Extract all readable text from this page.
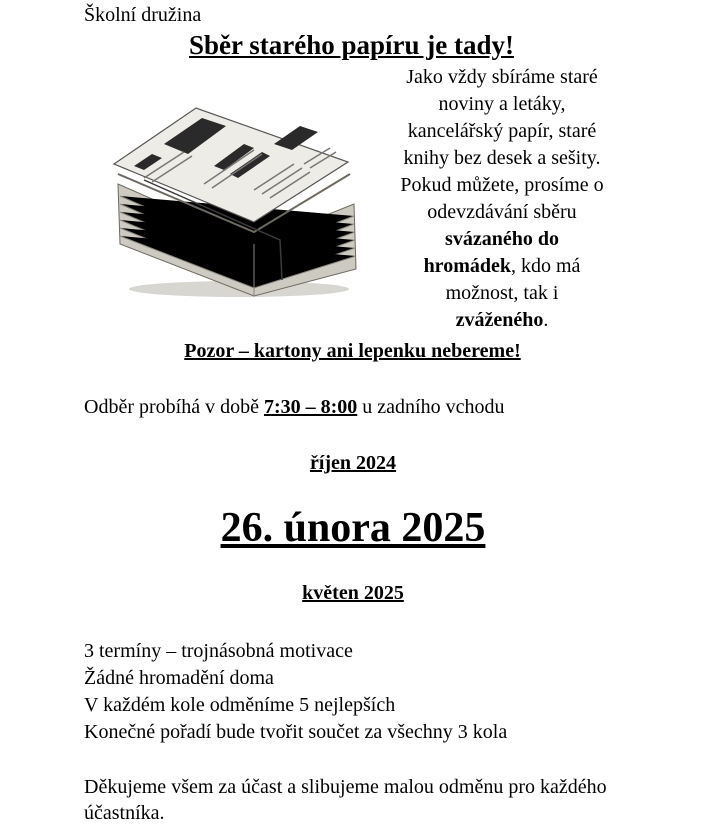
Školní družina
Sběr starého papíru je tady!
Jako vždy sbíráme staré
noviny a letáky,
kancelářský papír, staré
knihy bez desek a sešity.
Pokud můžete, prosíme o
odevzdávání sběru
svázaného do
hromádek, kdo má
možnost, tak i
zváženého.
Pozor – kartony ani lepenku nebereme!
Odběr probíhá v době 7:30 – 8:00 u zadního vchodu
říjen 2024
26. února 2025
květen 2025
3 termíny – trojnásobná motivace
Žádné hromadění doma
V každém kole odměníme 5 nejlepších
Konečné pořadí bude tvořit součet za všechny 3 kola
Děkujeme všem za účast a slibujeme malou odměnu pro každého účastníka.
